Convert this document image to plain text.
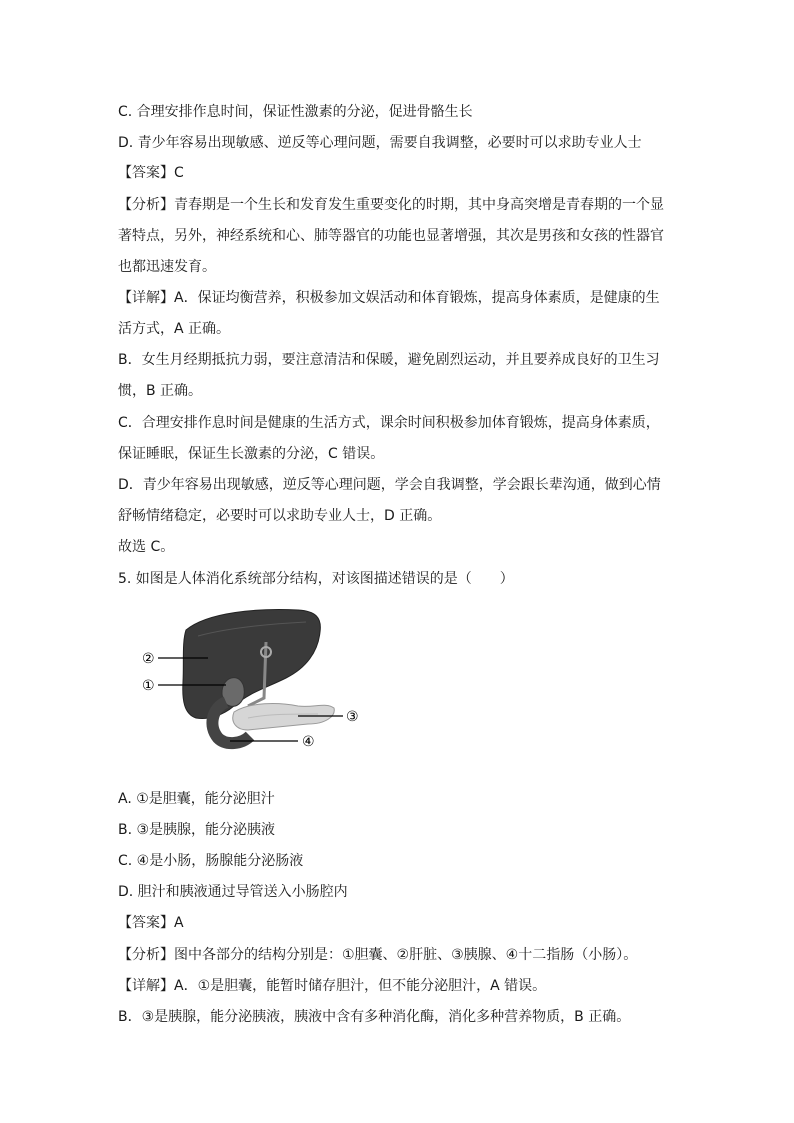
C. 合理安排作息时间，保证性激素的分泌，促进骨骼生长
D. 青少年容易出现敏感、逆反等心理问题，需要自我调整，必要时可以求助专业人士
【答案】C
【分析】青春期是一个生长和发育发生重要变化的时期，其中身高突增是青春期的一个显
著特点，另外，神经系统和心、肺等器官的功能也显著增强，其次是男孩和女孩的性器官
也都迅速发育。
【详解】A．保证均衡营养，积极参加文娱活动和体育锻炼，提高身体素质，是健康的生
活方式，A 正确。
B．女生月经期抵抗力弱，要注意清洁和保暖，避免剧烈运动，并且要养成良好的卫生习
惯，B 正确。
C．合理安排作息时间是健康的生活方式，课余时间积极参加体育锻炼，提高身体素质，
保证睡眠，保证生长激素的分泌，C 错误。
D．青少年容易出现敏感，逆反等心理问题，学会自我调整，学会跟长辈沟通，做到心情
舒畅情绪稳定，必要时可以求助专业人士，D 正确。
故选 C。
5. 如图是人体消化系统部分结构，对该图描述错误的是（　　）
②
①
③
④
A. ①是胆囊，能分泌胆汁
B. ③是胰腺，能分泌胰液
C. ④是小肠，肠腺能分泌肠液
D. 胆汁和胰液通过导管送入小肠腔内
【答案】A
【分析】图中各部分的结构分别是：①胆囊、②肝脏、③胰腺、④十二指肠（小肠）。
【详解】A．①是胆囊，能暂时储存胆汁，但不能分泌胆汁，A 错误。
B．③是胰腺，能分泌胰液，胰液中含有多种消化酶，消化多种营养物质，B 正确。
